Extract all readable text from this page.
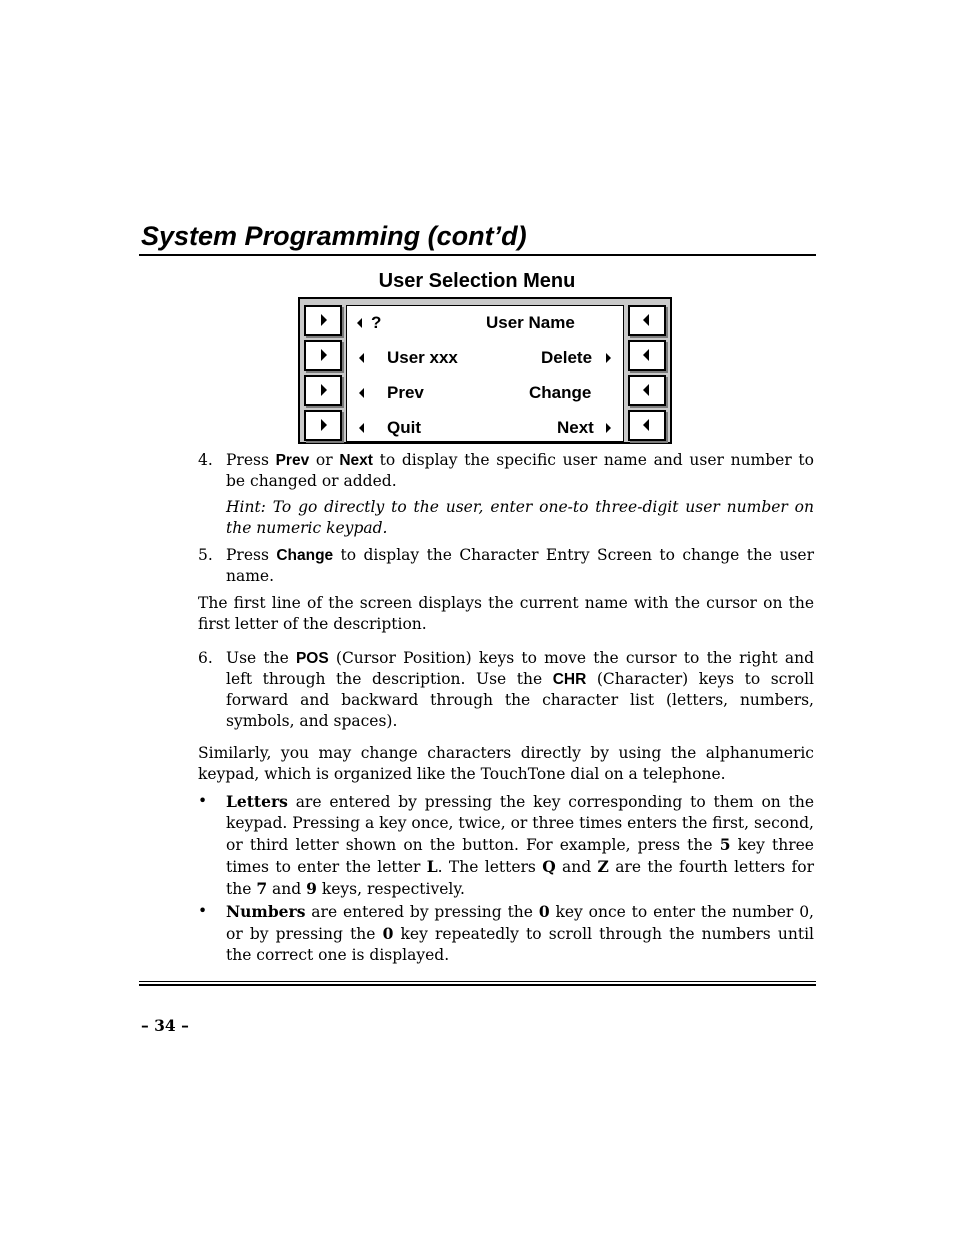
System Programming (cont’d)
User Selection Menu
?	User Name
User xxx	Delete
Prev	Change
Quit	Next
4. Press Prev or Next to display the specific user name and user number to be changed or added.

Hint: To go directly to the user, enter one-to three-digit user number on the numeric keypad.

5. Press Change to display the Character Entry Screen to change the user name.

The first line of the screen displays the current name with the cursor on the first letter of the description.

6. Use the POS (Cursor Position) keys to move the cursor to the right and left through the description. Use the CHR (Character) keys to scroll forward and backward through the character list (letters, numbers, symbols, and spaces).

Similarly, you may change characters directly by using the alphanumeric keypad, which is organized like the TouchTone dial on a telephone.

• Letters are entered by pressing the key corresponding to them on the keypad. Pressing a key once, twice, or three times enters the first, second, or third letter shown on the button. For example, press the 5 key three times to enter the letter L. The letters Q and Z are the fourth letters for the 7 and 9 keys, respectively.

• Numbers are entered by pressing the 0 key once to enter the number 0, or by pressing the 0 key repeatedly to scroll through the numbers until the correct one is displayed.

– 34 –
